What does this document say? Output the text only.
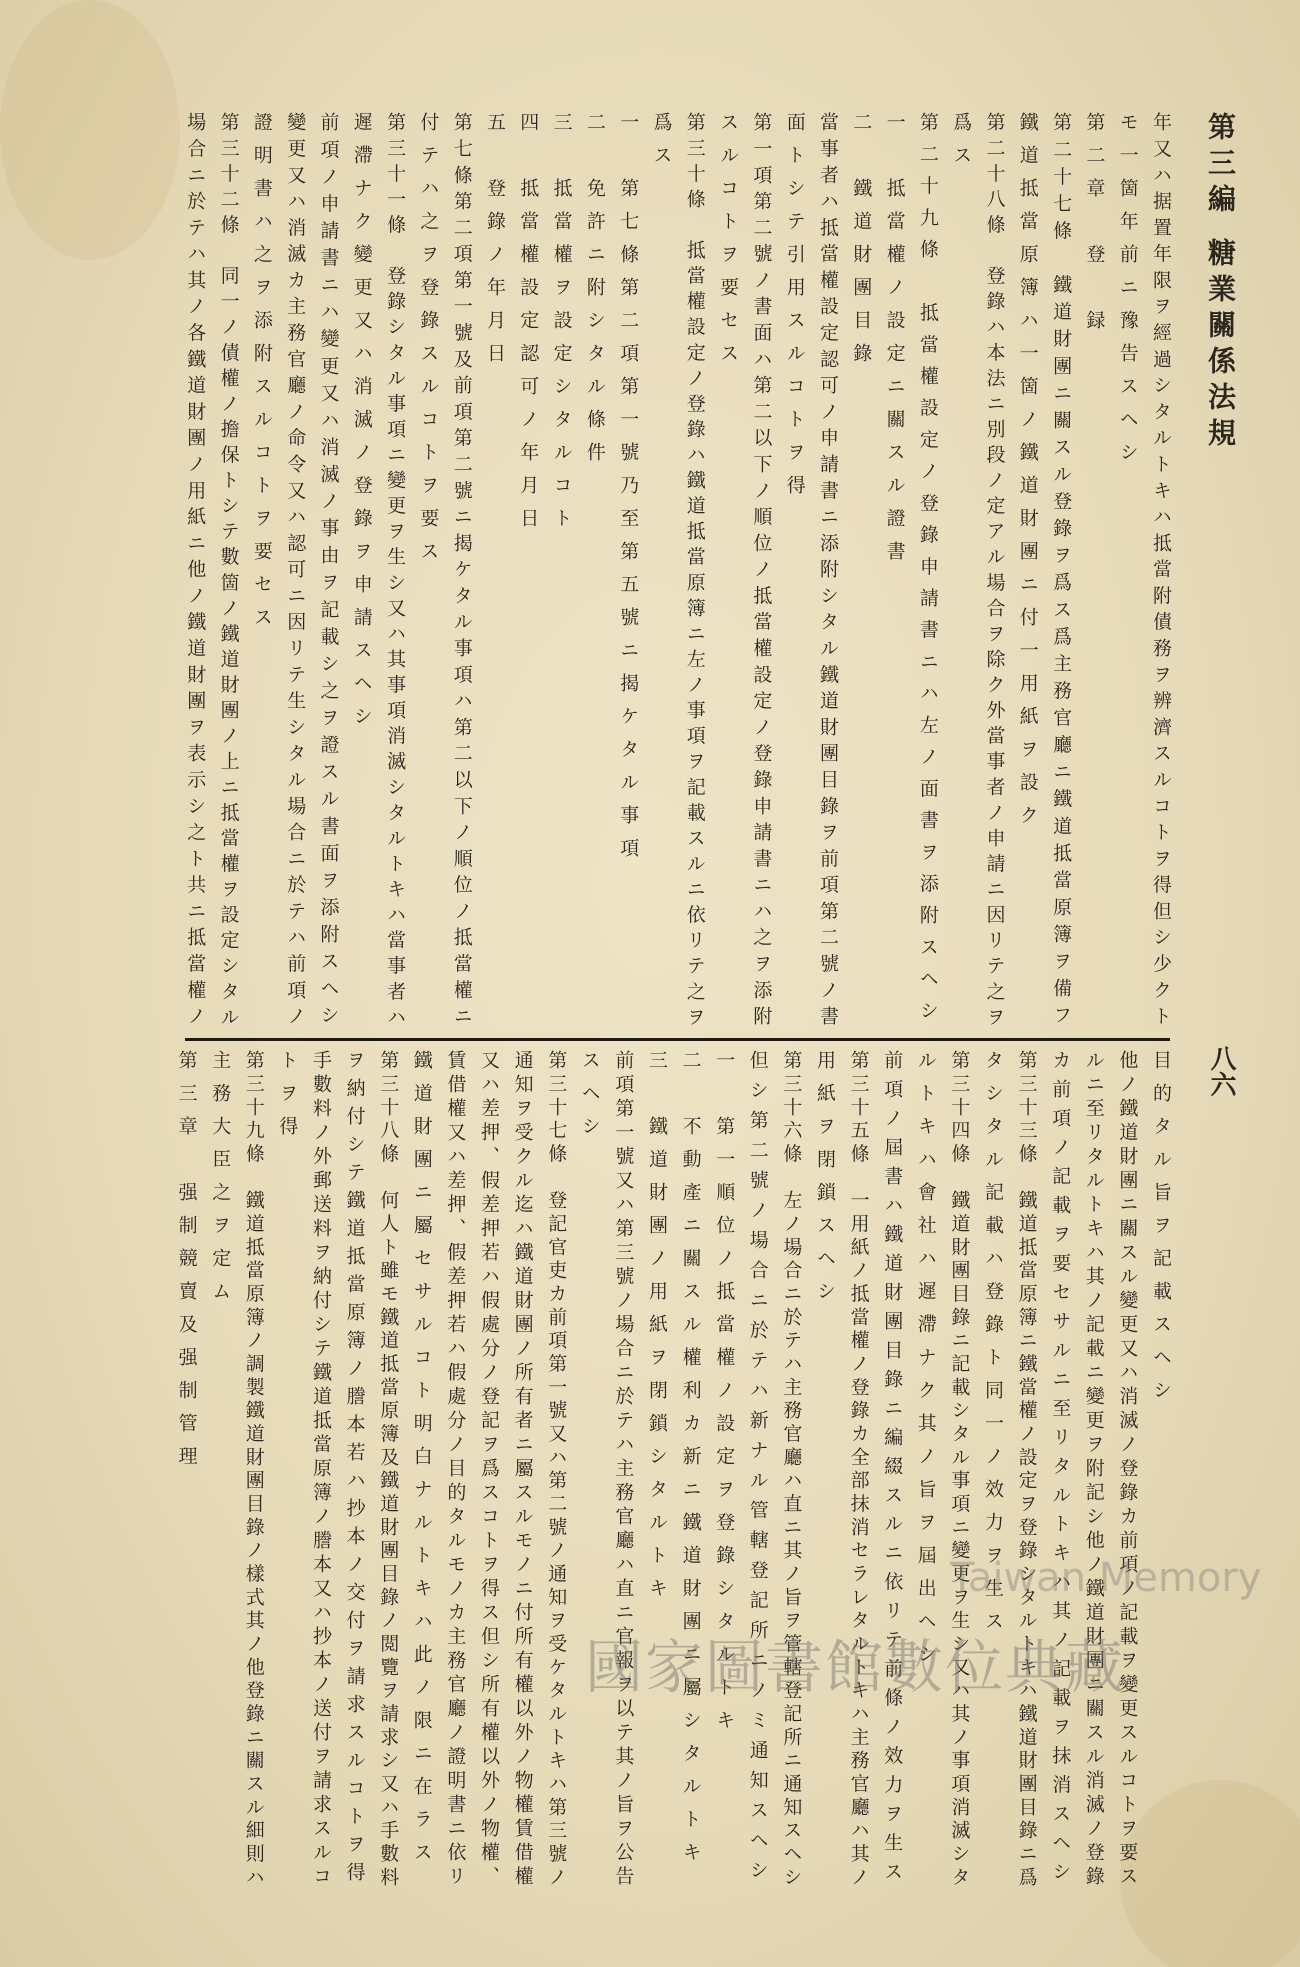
第三編 糖業關係法規
八六
年又ハ据置年限ヲ經過シタルトキハ抵當附債務ヲ辨濟スルコトヲ得但シ少クト
モ一箇年前ニ豫告スヘシ
第二章　登　録
第二十七條　鐵道財團ニ關スル登錄ヲ爲ス爲主務官廳ニ鐵道抵當原簿ヲ備フ
鐵道抵當原簿ハ一箇ノ鐵道財團ニ付一用紙ヲ設ク
第二十八條　登錄ハ本法ニ別段ノ定アル場合ヲ除ク外當事者ノ申請ニ因リテ之ヲ
爲ス
第二十九條　抵當權設定ノ登錄申請書ニハ左ノ面書ヲ添附スヘシ
一　抵當權ノ設定ニ關スル證書
二　鐵道財團目錄
當事者ハ抵當權設定認可ノ申請書ニ添附シタル鐵道財團目錄ヲ前項第二號ノ書
面トシテ引用スルコトヲ得
第一項第二號ノ書面ハ第二以下ノ順位ノ抵當權設定ノ登錄申請書ニハ之ヲ添附
スルコトヲ要セス
第三十條　抵當權設定ノ登錄ハ鐵道抵當原簿ニ左ノ事項ヲ記載スルニ依リテ之ヲ
爲ス
一　第七條第二項第一號乃至第五號ニ揭ケタル事項
二　免許ニ附シタル條件
三　抵當權ヲ設定シタルコト
四　抵當權設定認可ノ年月日
五　登錄ノ年月日
第七條第二項第一號及前項第二號ニ揭ケタル事項ハ第二以下ノ順位ノ抵當權ニ
付テハ之ヲ登錄スルコトヲ要ス
第三十一條　登錄シタル事項ニ變更ヲ生シ又ハ其事項消滅シタルトキハ當事者ハ
遲滯ナク變更又ハ消滅ノ登錄ヲ申請スヘシ
前項ノ申請書ニハ變更又ハ消滅ノ事由ヲ記載シ之ヲ證スル書面ヲ添附スヘシ
變更又ハ消滅カ主務官廳ノ命令又ハ認可ニ因リテ生シタル場合ニ於テハ前項ノ
證明書ハ之ヲ添附スルコトヲ要セス
第三十二條　同一ノ債權ノ擔保トシテ數箇ノ鐵道財團ノ上ニ抵當權ヲ設定シタル
場合ニ於テハ其ノ各鐵道財團ノ用紙ニ他ノ鐵道財團ヲ表示シ之ト共ニ抵當權ノ
目的タル旨ヲ記載スヘシ
他ノ鐵道財團ニ關スル變更又ハ消滅ノ登錄カ前項ノ記載ヲ變更スルコトヲ要ス
ルニ至リタルトキハ其ノ記載ニ變更ヲ附記シ他ノ鐵道財團ニ關スル消滅ノ登錄
カ前項ノ記載ヲ要セサルニ至リタルトキハ其ノ記載ヲ抹消スヘシ
第三十三條　鐵道抵當原簿ニ鐵當權ノ設定ヲ登錄シタルトキハ鐵道財團目錄ニ爲
タシタル記載ハ登錄ト同一ノ效力ヲ生ス
第三十四條　鐵道財團目錄ニ記載シタル事項ニ變更ヲ生シ又ハ其ノ事項消滅シタ
ルトキハ會社ハ遲滯ナク其ノ旨ヲ屆出ヘシ
前項ノ屆書ハ鐵道財團目錄ニ編綴スルニ依リテ前條ノ效力ヲ生ス
第三十五條　一用紙ノ抵當權ノ登錄カ全部抹消セラレタルトキハ主務官廳ハ其ノ
用紙ヲ閉鎖スヘシ
第三十六條　左ノ場合ニ於テハ主務官廳ハ直ニ其ノ旨ヲ管轄登記所ニ通知スヘシ
但シ第二號ノ場合ニ於テハ新ナル管轄登記所ニノミ通知スヘシ
一　第一順位ノ抵當權ノ設定ヲ登錄シタルトキ
二　不動產ニ關スル權利カ新ニ鐵道財團ニ屬シタルトキ
三　鐵道財團ノ用紙ヲ閉鎖シタルトキ
前項第一號又ハ第三號ノ場合ニ於テハ主務官廳ハ直ニ官報ヲ以テ其ノ旨ヲ公告
スヘシ
第三十七條　登記官吏カ前項第一號又ハ第二號ノ通知ヲ受ケタルトキハ第三號ノ
通知ヲ受クル迄ハ鐵道財團ノ所有者ニ屬スルモノニ付所有權以外ノ物權賃借權
又ハ差押、假差押若ハ假處分ノ登記ヲ爲スコトヲ得ス但シ所有權以外ノ物權、
賃借權又ハ差押、假差押若ハ假處分ノ目的タルモノカ主務官廳ノ證明書ニ依リ
鐵道財團ニ屬セサルコト明白ナルトキハ此ノ限ニ在ラス
第三十八條　何人ト雖モ鐵道抵當原簿及鐵道財團目錄ノ閲覽ヲ請求シ又ハ手數料
ヲ納付シテ鐵道抵當原簿ノ謄本若ハ抄本ノ交付ヲ請求スルコトヲ得
手數料ノ外郵送料ヲ納付シテ鐵道抵當原簿ノ謄本又ハ抄本ノ送付ヲ請求スルコ
トヲ得
第三十九條　鐵道抵當原簿ノ調製鐵道財團目錄ノ樣式其ノ他登錄ニ關スル細則ハ
主務大臣之ヲ定ム
第三章　强制競賣及强制管理
Taiwan Memory
國家圖書館數位典藏
